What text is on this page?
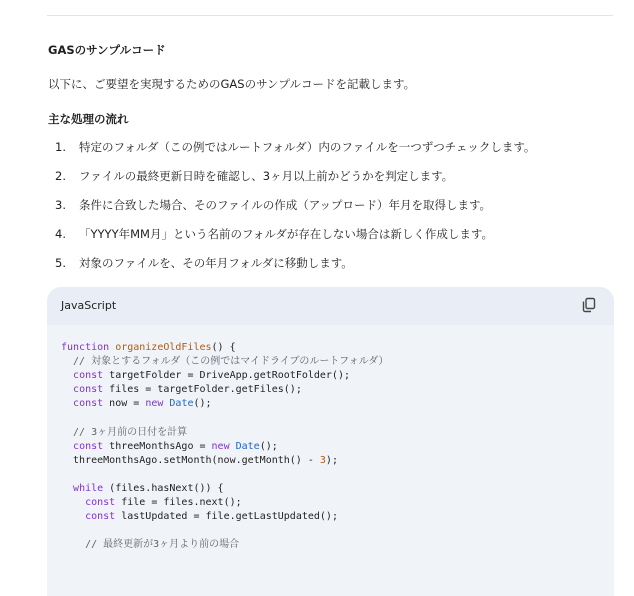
GASのサンプルコード
以下に、ご要望を実現するためのGASのサンプルコードを記載します。
主な処理の流れ
1. 特定のフォルダ（この例ではルートフォルダ）内のファイルを一つずつチェックします。
2. ファイルの最終更新日時を確認し、3ヶ月以上前かどうかを判定します。
3. 条件に合致した場合、そのファイルの作成（アップロード）年月を取得します。
4. 「YYYY年MM月」という名前のフォルダが存在しない場合は新しく作成します。
5. 対象のファイルを、その年月フォルダに移動します。
JavaScript
function organizeOldFiles() {
// 対象とするフォルダ（この例ではマイドライブのルートフォルダ）
const targetFolder = DriveApp.getRootFolder();
const files = targetFolder.getFiles();
const now = new Date();
// 3ヶ月前の日付を計算
const threeMonthsAgo = new Date();
threeMonthsAgo.setMonth(now.getMonth() - 3);
while (files.hasNext()) {
const file = files.next();
const lastUpdated = file.getLastUpdated();
// 最終更新が3ヶ月より前の場合
